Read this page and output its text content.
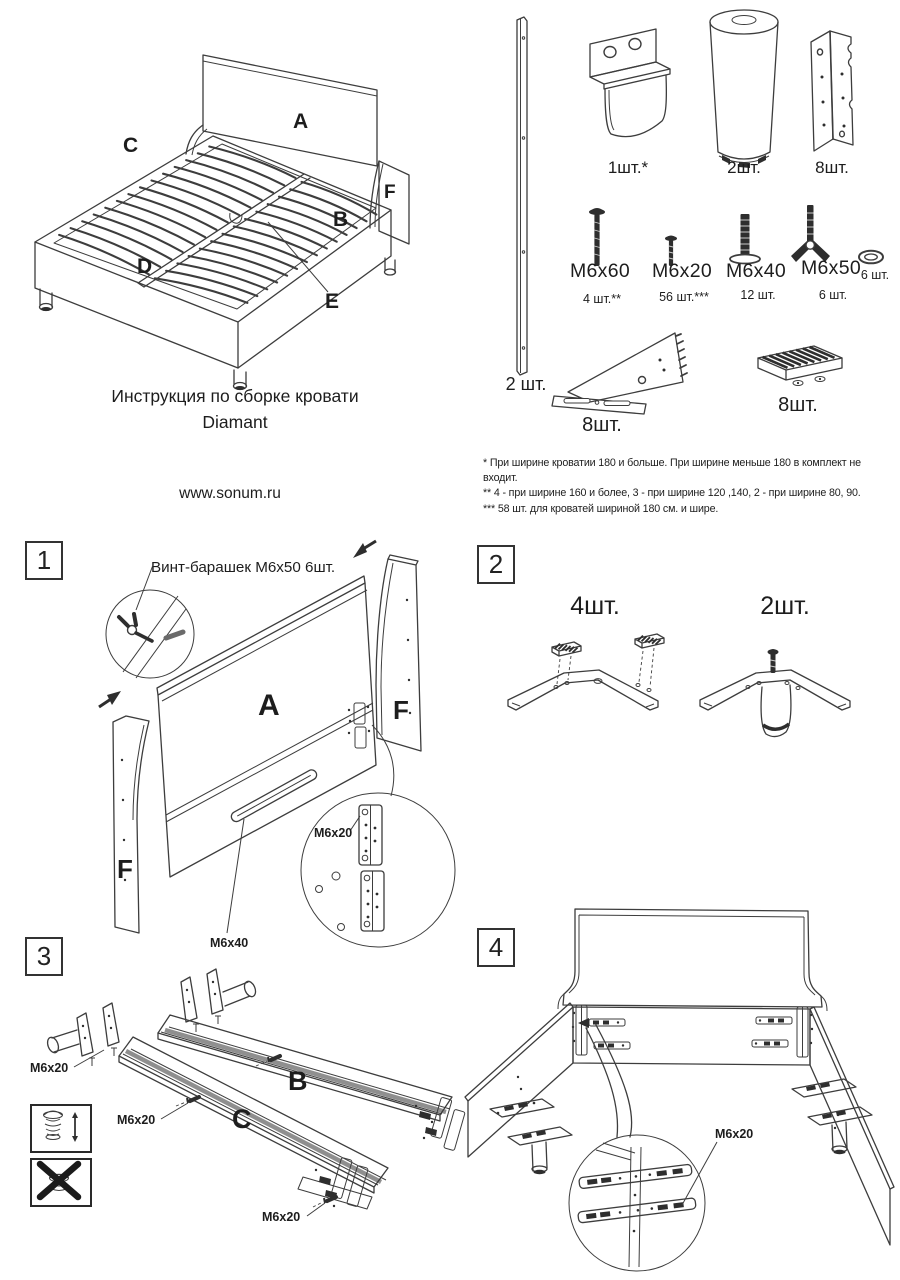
A
C
F
B
D
E
Инструкция по сборке кровати
Diamant
www.sonum.ru
2 шт.
1шт.*	2шт.	8шт.
М6х60	М6х20 М6х40 М6х50 6 шт.
4 шт.**	56 шт.***	12 шт.	6 шт.
8шт.
8шт.
* При ширине кроватии 180 и больше. При ширине меньше 180 в комплект не входит.
** 4 - при ширине 160 и более, 3 - при ширине 120 ,140, 2 - при ширине 80, 90.
*** 58 шт. для кроватей шириной 180 см. и шире.
1	Винт-барашек М6х50 6шт.
M6x20
M6x40
A	F
F
2
4шт.	2шт.
3
M6x20
M6x20
M6x20
B
C
4
M6x20
